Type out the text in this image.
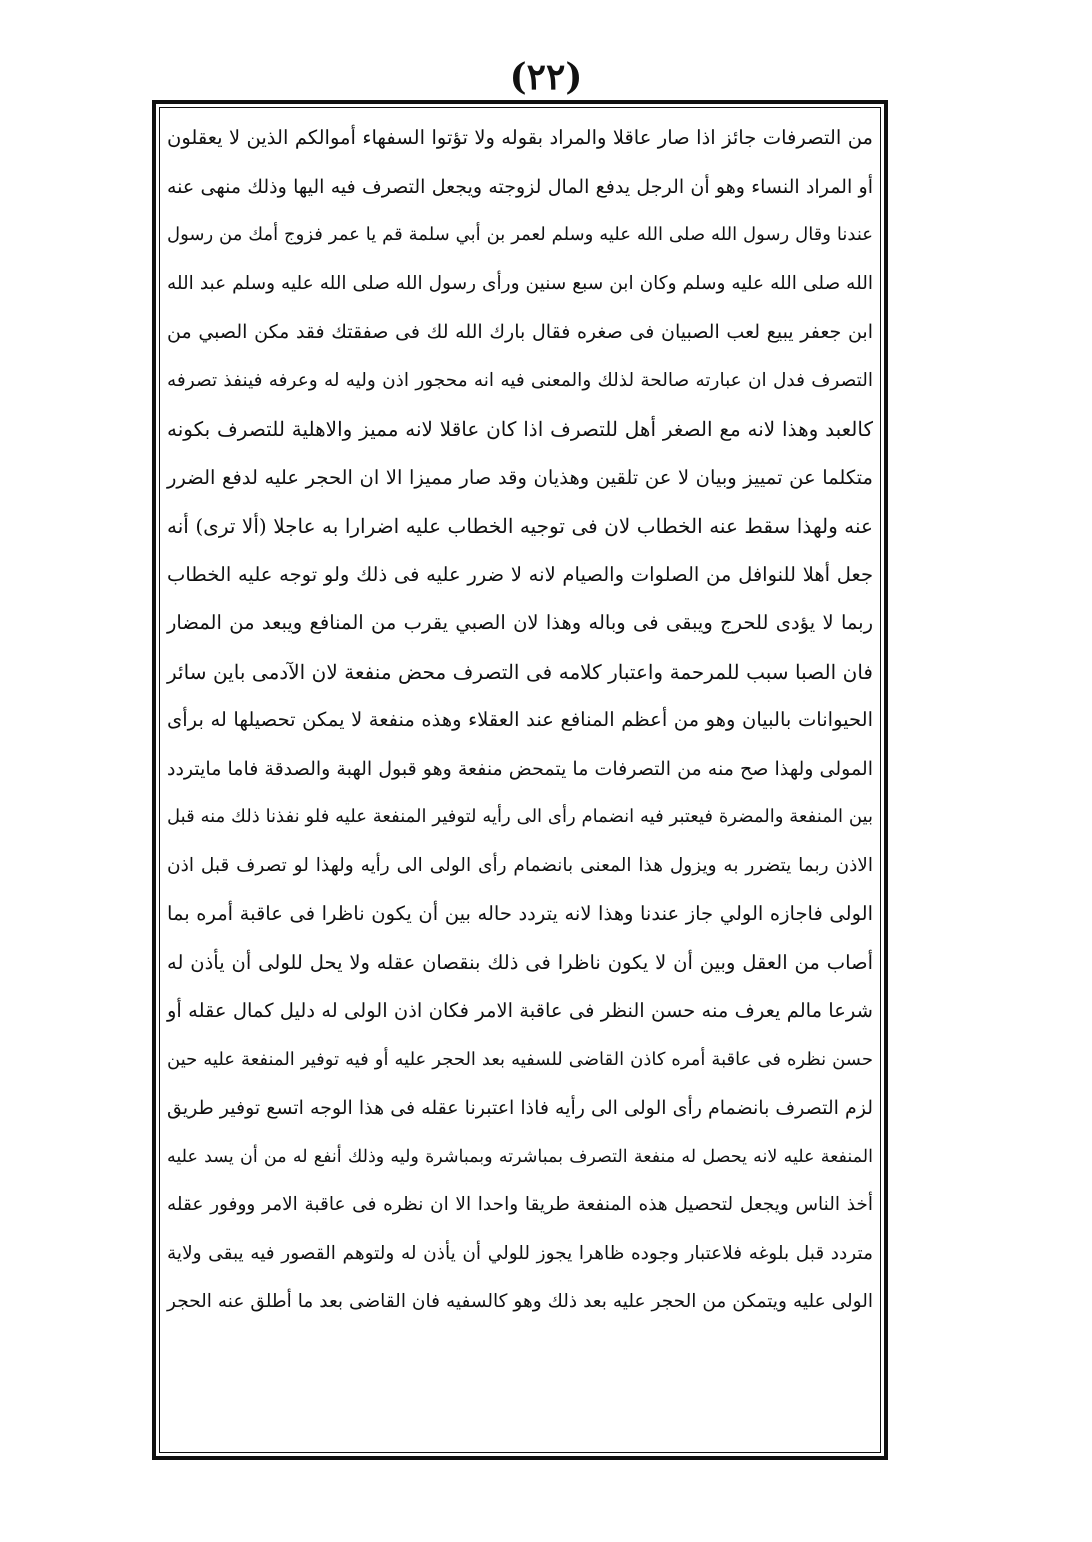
(٢٢)
من التصرفات جائز اذا صار عاقلا والمراد بقوله ولا تؤتوا السفهاء أموالكم الذين لا يعقلون
أو المراد النساء وهو أن الرجل يدفع المال لزوجته ويجعل التصرف فيه اليها وذلك منهى عنه
عندنا وقال رسول الله صلى الله عليه وسلم لعمر بن أبي سلمة قم يا عمر فزوج أمك من رسول
الله صلى الله عليه وسلم وكان ابن سبع سنين ورأى رسول الله صلى الله عليه وسلم عبد الله
ابن جعفر يبيع لعب الصبيان فى صغره فقال بارك الله لك فى صفقتك فقد مكن الصبي من
التصرف فدل ان عبارته صالحة لذلك والمعنى فيه انه محجور اذن وليه له وعرفه فينفذ تصرفه
كالعبد وهذا لانه مع الصغر أهل للتصرف اذا كان عاقلا لانه مميز والاهلية للتصرف بكونه
متكلما عن تمييز وبيان لا عن تلقين وهذيان وقد صار مميزا الا ان الحجر عليه لدفع الضرر
عنه ولهذا سقط عنه الخطاب لان فى توجيه الخطاب عليه اضرارا به عاجلا (ألا ترى) أنه
جعل أهلا للنوافل من الصلوات والصيام لانه لا ضرر عليه فى ذلك ولو توجه عليه الخطاب
ربما لا يؤدى للحرج ويبقى فى وباله وهذا لان الصبي يقرب من المنافع ويبعد من المضار
فان الصبا سبب للمرحمة واعتبار كلامه فى التصرف محض منفعة لان الآدمى باين سائر
الحيوانات بالبيان وهو من أعظم المنافع عند العقلاء وهذه منفعة لا يمكن تحصيلها له برأى
المولى ولهذا صح منه من التصرفات ما يتمحض منفعة وهو قبول الهبة والصدقة فاما مايتردد
بين المنفعة والمضرة فيعتبر فيه انضمام رأى الى رأيه لتوفير المنفعة عليه فلو نفذنا ذلك منه قبل
الاذن ربما يتضرر به ويزول هذا المعنى بانضمام رأى الولى الى رأيه ولهذا لو تصرف قبل اذن
الولى فاجازه الولي جاز عندنا وهذا لانه يتردد حاله بين أن يكون ناظرا فى عاقبة أمره بما
أصاب من العقل وبين أن لا يكون ناظرا فى ذلك بنقصان عقله ولا يحل للولى أن يأذن له
شرعا مالم يعرف منه حسن النظر فى عاقبة الامر فكان اذن الولى له دليل كمال عقله أو
حسن نظره فى عاقبة أمره كاذن القاضى للسفيه بعد الحجر عليه أو فيه توفير المنفعة عليه حين
لزم التصرف بانضمام رأى الولى الى رأيه فاذا اعتبرنا عقله فى هذا الوجه اتسع توفير طريق
المنفعة عليه لانه يحصل له منفعة التصرف بمباشرته وبمباشرة وليه وذلك أنفع له من أن يسد عليه
أخذ الناس ويجعل لتحصيل هذه المنفعة طريقا واحدا الا ان نظره فى عاقبة الامر ووفور عقله
متردد قبل بلوغه فلاعتبار وجوده ظاهرا يجوز للولي أن يأذن له ولتوهم القصور فيه يبقى ولاية
الولى عليه ويتمكن من الحجر عليه بعد ذلك وهو كالسفيه فان القاضى بعد ما أطلق عنه الحجر
